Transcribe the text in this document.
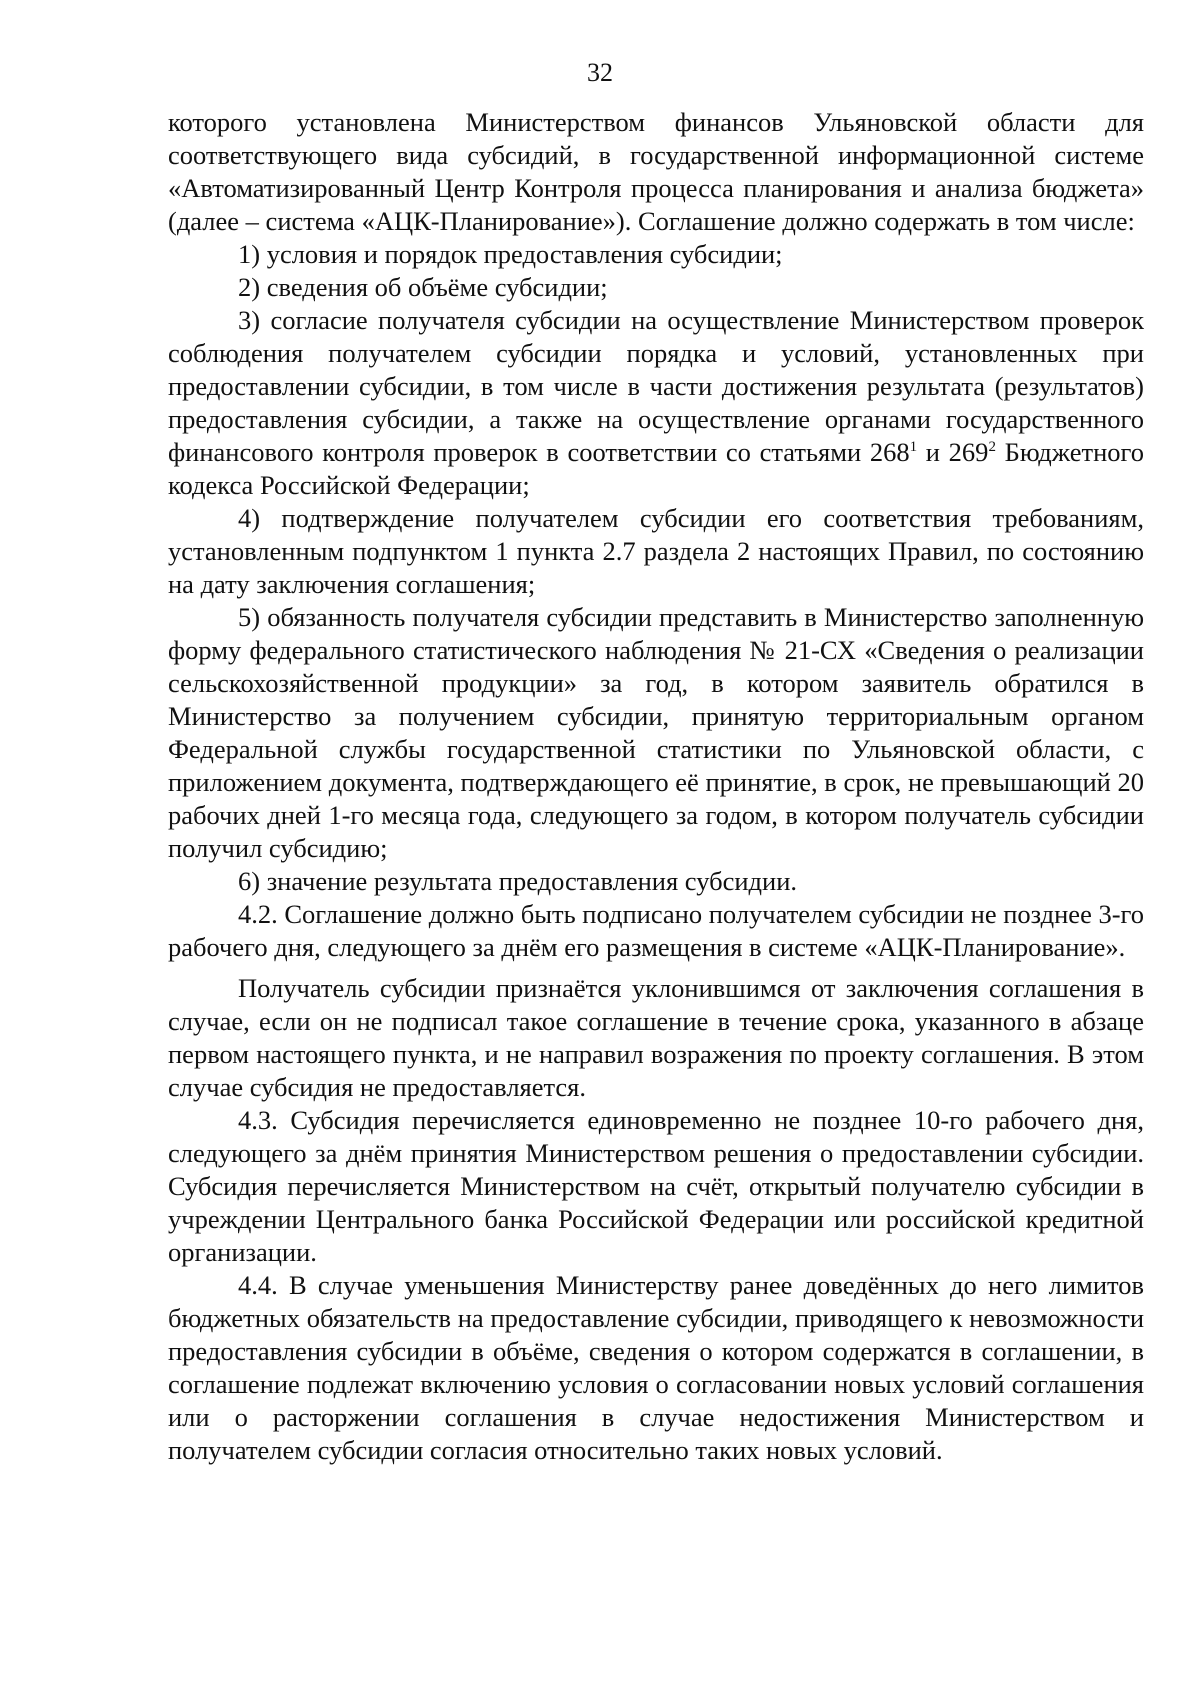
32

которого установлена Министерством финансов Ульяновской области для соответствующего вида субсидий, в государственной информационной системе «Автоматизированный Центр Контроля процесса планирования и анализа бюджета» (далее – система «АЦК-Планирование»). Соглашение должно содержать в том числе:

1) условия и порядок предоставления субсидии;

2) сведения об объёме субсидии;

3) согласие получателя субсидии на осуществление Министерством проверок соблюдения получателем субсидии порядка и условий, установленных при предоставлении субсидии, в том числе в части достижения результата (результатов) предоставления субсидии, а также на осуществление органами государственного финансового контроля проверок в соответствии со статьями $268^1$ и $269^2$ Бюджетного кодекса Российской Федерации;

4) подтверждение получателем субсидии его соответствия требованиям, установленным подпунктом 1 пункта 2.7 раздела 2 настоящих Правил, по состоянию на дату заключения соглашения;

5) обязанность получателя субсидии представить в Министерство заполненную форму федерального статистического наблюдения № 21-СХ «Сведения о реализации сельскохозяйственной продукции» за год, в котором заявитель обратился в Министерство за получением субсидии, принятую территориальным органом Федеральной службы государственной статистики по Ульяновской области, с приложением документа, подтверждающего её принятие, в срок, не превышающий 20 рабочих дней 1-го месяца года, следующего за годом, в котором получатель субсидии получил субсидию;

6) значение результата предоставления субсидии.

4.2. Соглашение должно быть подписано получателем субсидии не позднее 3-го рабочего дня, следующего за днём его размещения в системе «АЦК-Планирование».

Получатель субсидии признаётся уклонившимся от заключения соглашения в случае, если он не подписал такое соглашение в течение срока, указанного в абзаце первом настоящего пункта, и не направил возражения по проекту соглашения. В этом случае субсидия не предоставляется.

4.3. Субсидия перечисляется единовременно не позднее 10-го рабочего дня, следующего за днём принятия Министерством решения о предоставлении субсидии. Субсидия перечисляется Министерством на счёт, открытый получателю субсидии в учреждении Центрального банка Российской Федерации или российской кредитной организации.

4.4. В случае уменьшения Министерству ранее доведённых до него лимитов бюджетных обязательств на предоставление субсидии, приводящего к невозможности предоставления субсидии в объёме, сведения о котором содержатся в соглашении, в соглашение подлежат включению условия о согласовании новых условий соглашения или о расторжении соглашения в случае недостижения Министерством и получателем субсидии согласия относительно таких новых условий.
